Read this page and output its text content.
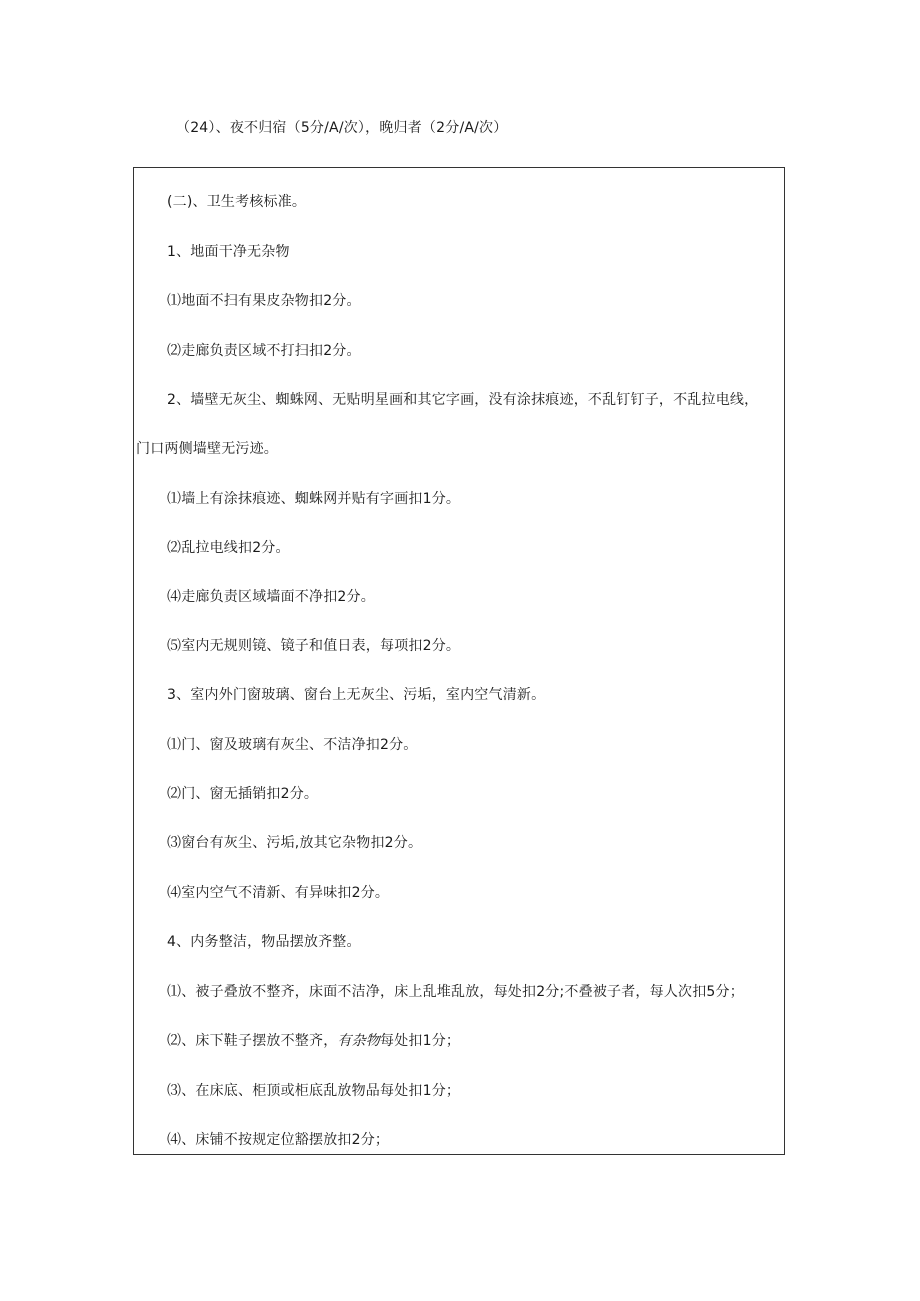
（24）、夜不归宿（5分/A/次），晚归者（2分/A/次）
(二)、卫生考核标准。
1、地面干净无杂物
⑴地面不扫有果皮杂物扣2分。
⑵走廊负责区域不打扫扣2分。
2、墙壁无灰尘、蜘蛛网、无贴明星画和其它字画，没有涂抹痕迹，不乱钉钉子，不乱拉电线，
门口两侧墙壁无污迹。
⑴墙上有涂抹痕迹、蜘蛛网并贴有字画扣1分。
⑵乱拉电线扣2分。
⑷走廊负责区域墙面不净扣2分。
⑸室内无规则镜、镜子和值日表，每项扣2分。
3、室内外门窗玻璃、窗台上无灰尘、污垢，室内空气清新。
⑴门、窗及玻璃有灰尘、不洁净扣2分。
⑵门、窗无插销扣2分。
⑶窗台有灰尘、污垢,放其它杂物扣2分。
⑷室内空气不清新、有异味扣2分。
4、内务整洁，物品摆放齐整。
⑴、被子叠放不整齐，床面不洁净，床上乱堆乱放，每处扣2分;不叠被子者，每人次扣5分；
⑵、床下鞋子摆放不整齐，有杂物每处扣1分；
⑶、在床底、柜顶或柜底乱放物品每处扣1分；
⑷、床铺不按规定位豁摆放扣2分；
